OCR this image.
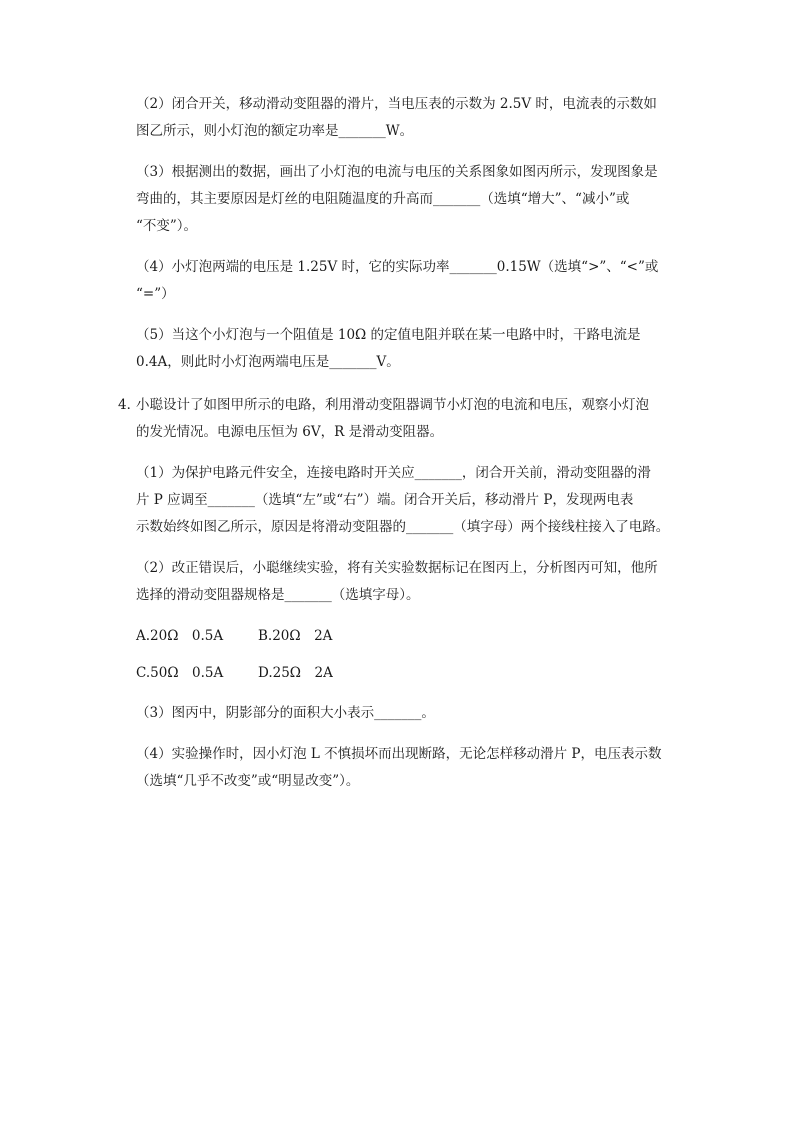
（2）闭合开关，移动滑动变阻器的滑片，当电压表的示数为 2.5V 时，电流表的示数如
图乙所示，则小灯泡的额定功率是_______W。
（3）根据测出的数据，画出了小灯泡的电流与电压的关系图象如图丙所示，发现图象是
弯曲的，其主要原因是灯丝的电阻随温度的升高而_______（选填“增大”、“减小”或
“不变”）。
（4）小灯泡两端的电压是 1.25V 时，它的实际功率_______0.15W（选填“>”、“<”或
“=”）
（5）当这个小灯泡与一个阻值是 10Ω 的定值电阻并联在某一电路中时，干路电流是
0.4A，则此时小灯泡两端电压是_______V。
4．
小聪设计了如图甲所示的电路，利用滑动变阻器调节小灯泡的电流和电压，观察小灯泡
的发光情况。电源电压恒为 6V，R 是滑动变阻器。
（1）为保护电路元件安全，连接电路时开关应_______，闭合开关前，滑动变阻器的滑
片 P 应调至_______（选填“左”或“右”）端。闭合开关后，移动滑片 P，发现两电表
示数始终如图乙所示，原因是将滑动变阻器的_______（填字母）两个接线柱接入了电路。
（2）改正错误后，小聪继续实验，将有关实验数据标记在图丙上，分析图丙可知，他所
选择的滑动变阻器规格是_______（选填字母）。
A.20Ω　0.5A	B.20Ω　2A
C.50Ω　0.5A	D.25Ω　2A
（3）图丙中，阴影部分的面积大小表示_______。
（4）实验操作时，因小灯泡 L 不慎损坏而出现断路，无论怎样移动滑片 P，电压表示数
（选填“几乎不改变”或“明显改变”）。
